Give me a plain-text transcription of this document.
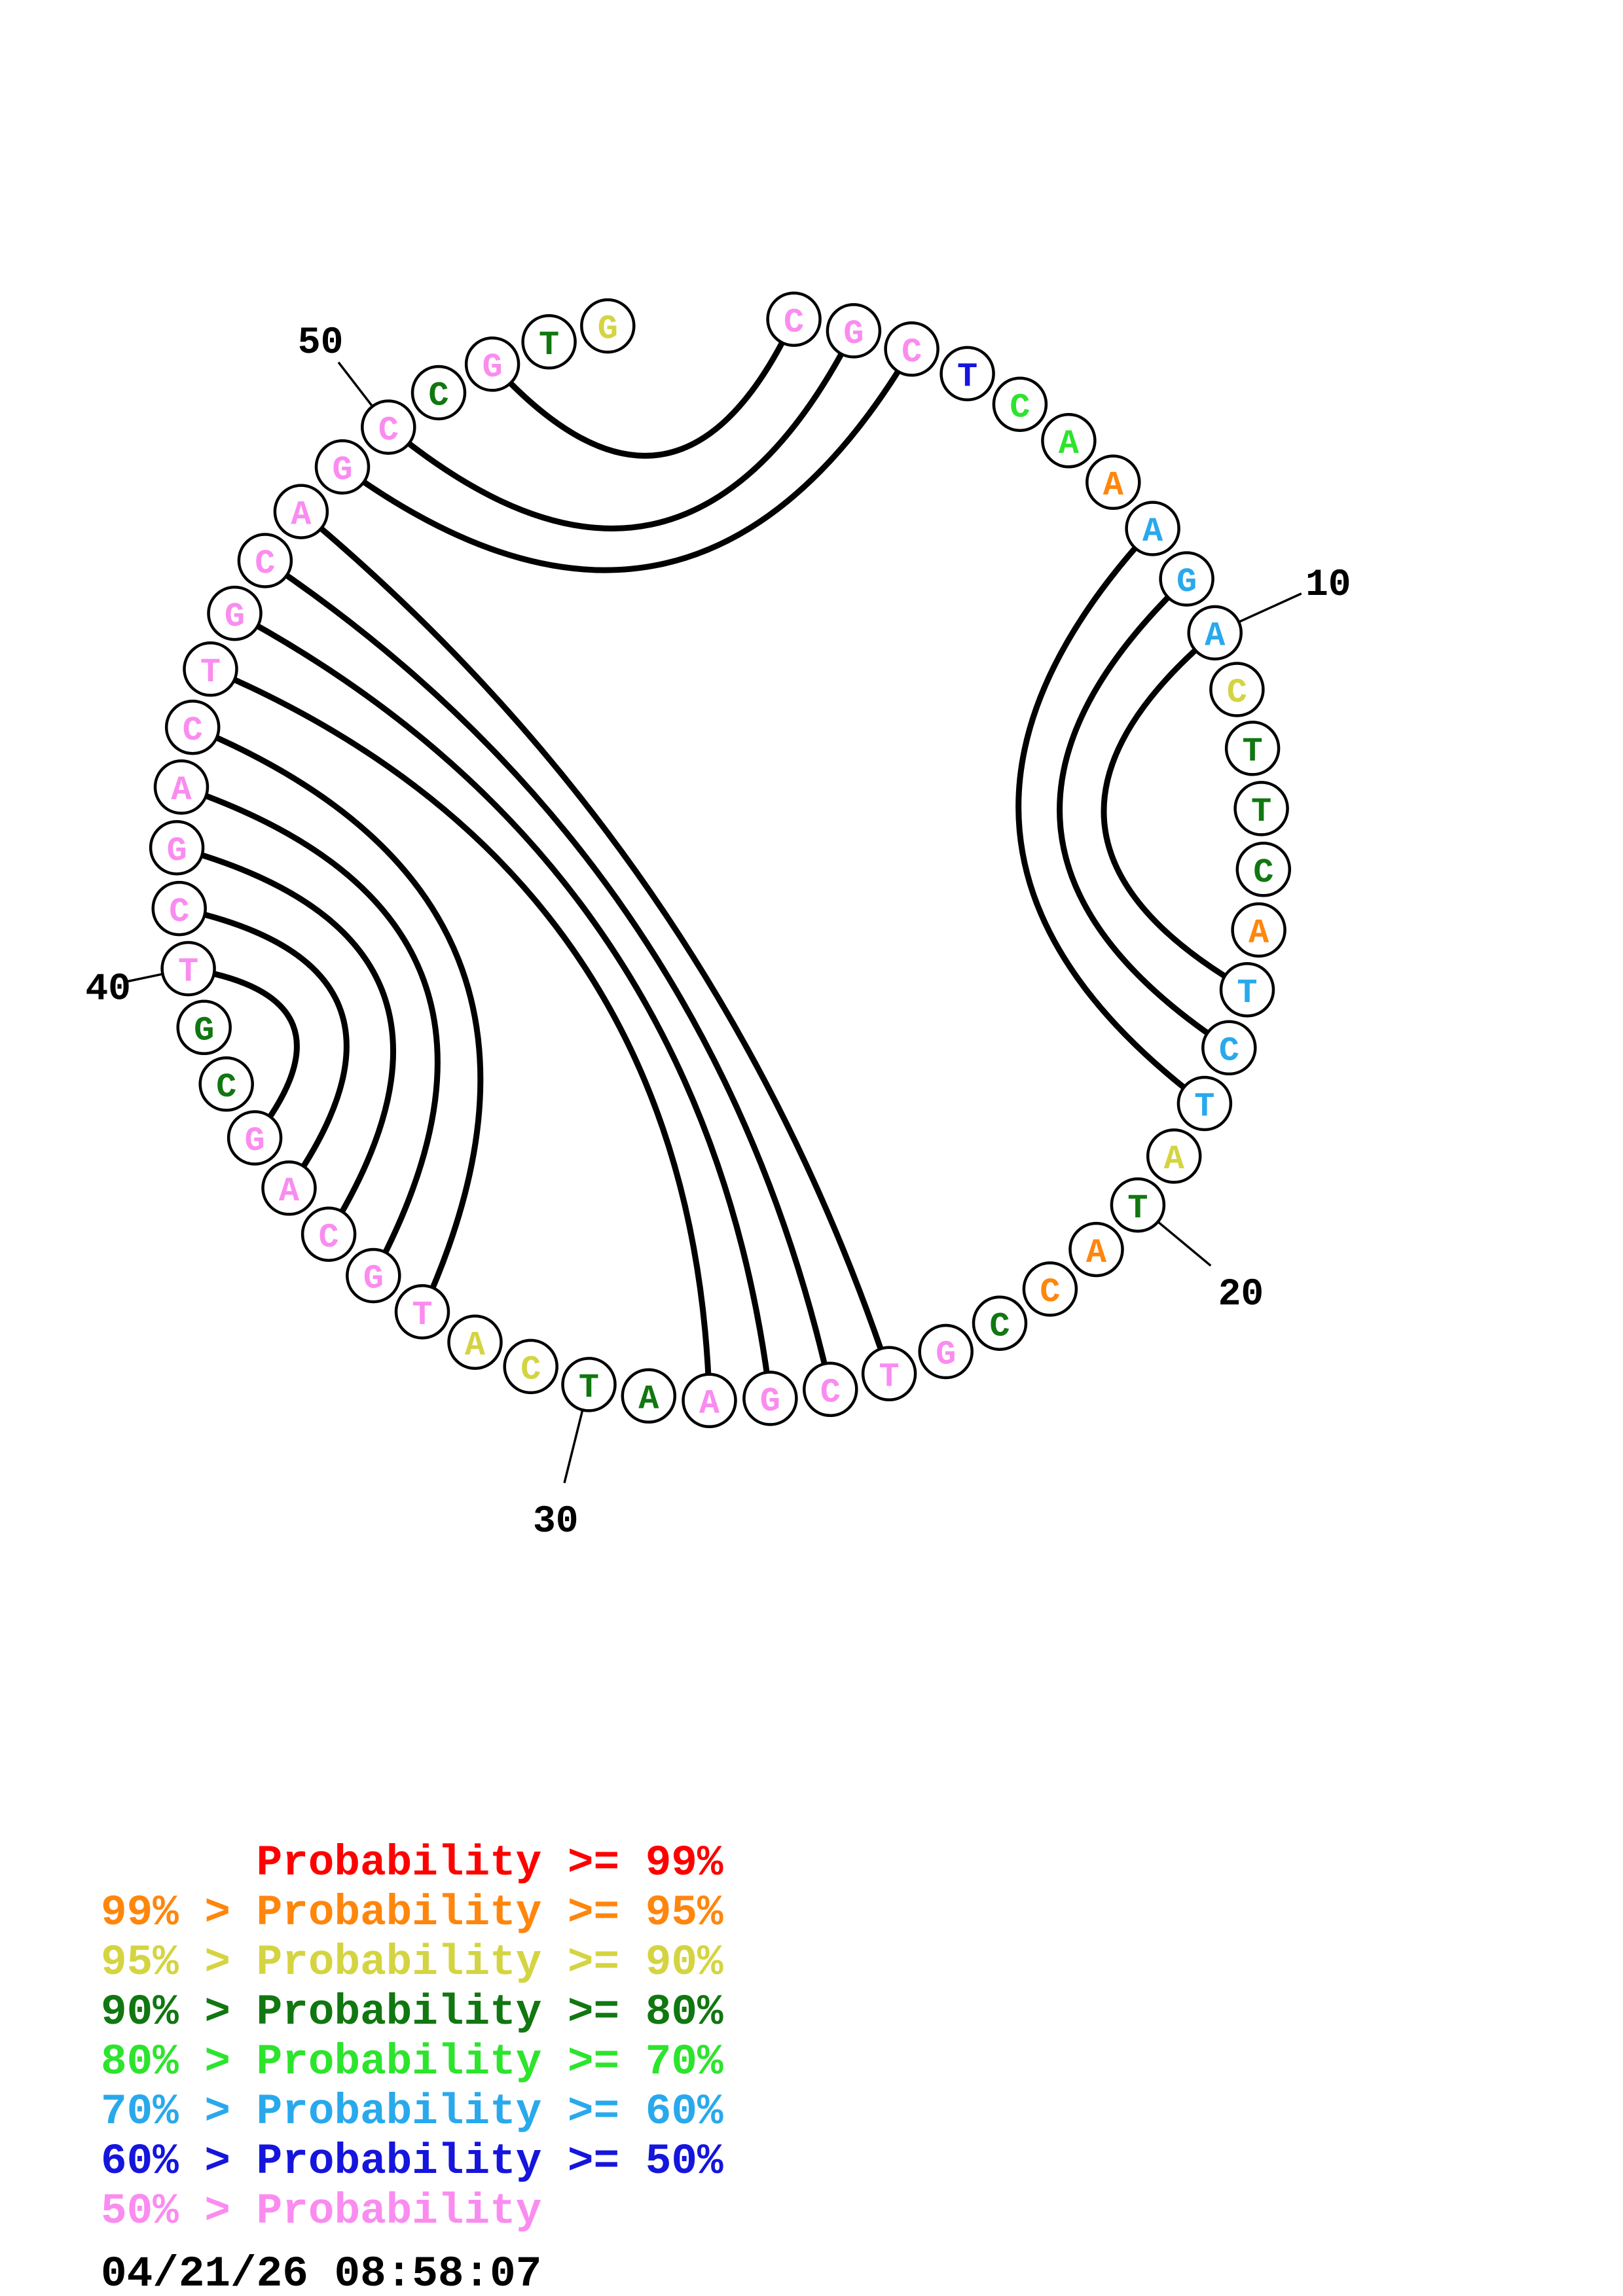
C G C
T
C
A
A
A
G
A
C
T
T
C
A
T
C
T
A
T
A
C
C
G
T
C
G
A
A
T
C
A
T
G
C
A
G
C
G
T
C
G
A
C
T
G
C
A
G
C
C
G
T G
10
20
30
40
50
Probability >= 99%
99% > Probability >= 95%
95% > Probability >= 90%
90% > Probability >= 80%
80% > Probability >= 70%
70% > Probability >= 60%
60% > Probability >= 50%
50% > Probability
04/21/26 08:58:07
